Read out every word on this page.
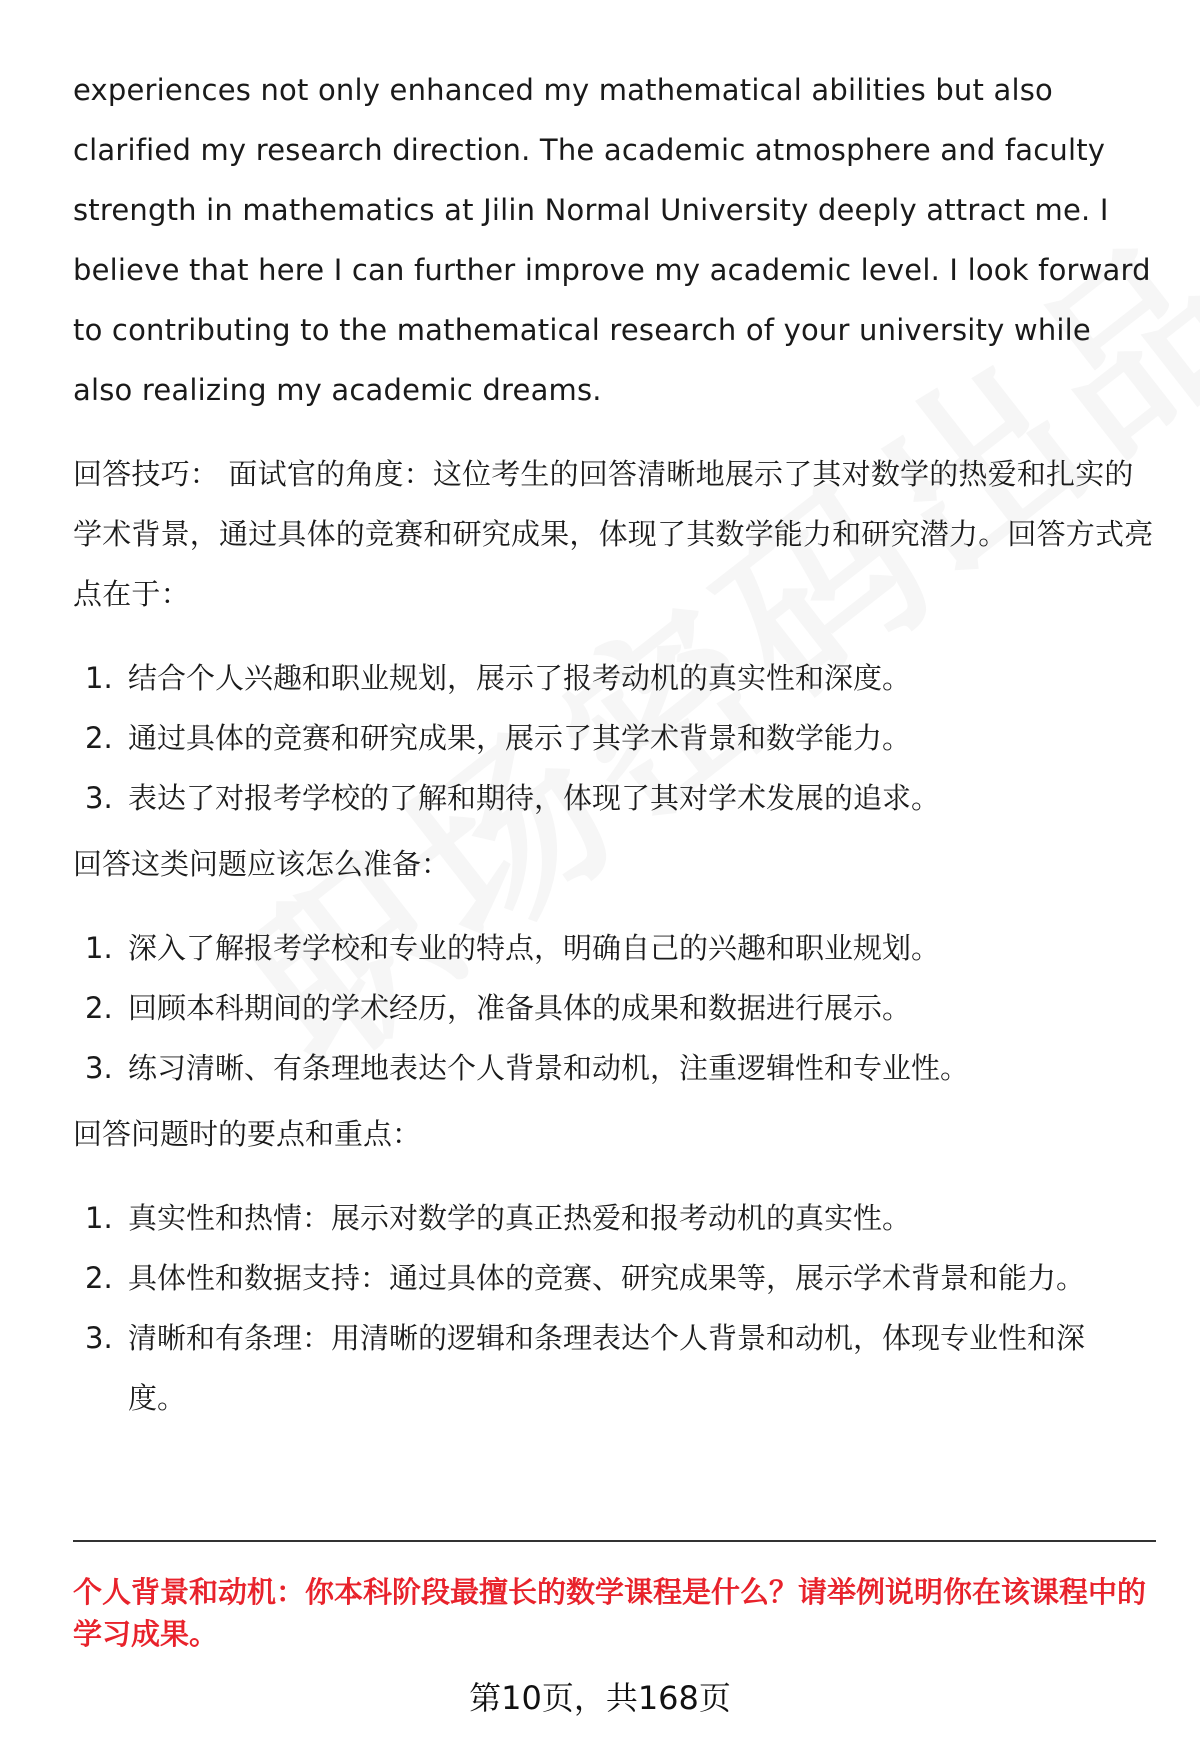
experiences not only enhanced my mathematical abilities but also clarified my research direction. The academic atmosphere and faculty strength in mathematics at Jilin Normal University deeply attract me. I believe that here I can further improve my academic level. I look forward to contributing to the mathematical research of your university while also realizing my academic dreams.

回答技巧： 面试官的角度：这位考生的回答清晰地展示了其对数学的热爱和扎实的学术背景，通过具体的竞赛和研究成果，体现了其数学能力和研究潜力。回答方式亮点在于：

1. 结合个人兴趣和职业规划，展示了报考动机的真实性和深度。
2. 通过具体的竞赛和研究成果，展示了其学术背景和数学能力。
3. 表达了对报考学校的了解和期待，体现了其对学术发展的追求。

回答这类问题应该怎么准备：

1. 深入了解报考学校和专业的特点，明确自己的兴趣和职业规划。
2. 回顾本科期间的学术经历，准备具体的成果和数据进行展示。
3. 练习清晰、有条理地表达个人背景和动机，注重逻辑性和专业性。

回答问题时的要点和重点：

1. 真实性和热情：展示对数学的真正热爱和报考动机的真实性。
2. 具体性和数据支持：通过具体的竞赛、研究成果等，展示学术背景和能力。
3. 清晰和有条理：用清晰的逻辑和条理表达个人背景和动机，体现专业性和深度。

个人背景和动机：你本科阶段最擅长的数学课程是什么？请举例说明你在该课程中的学习成果。

第10页，共168页
